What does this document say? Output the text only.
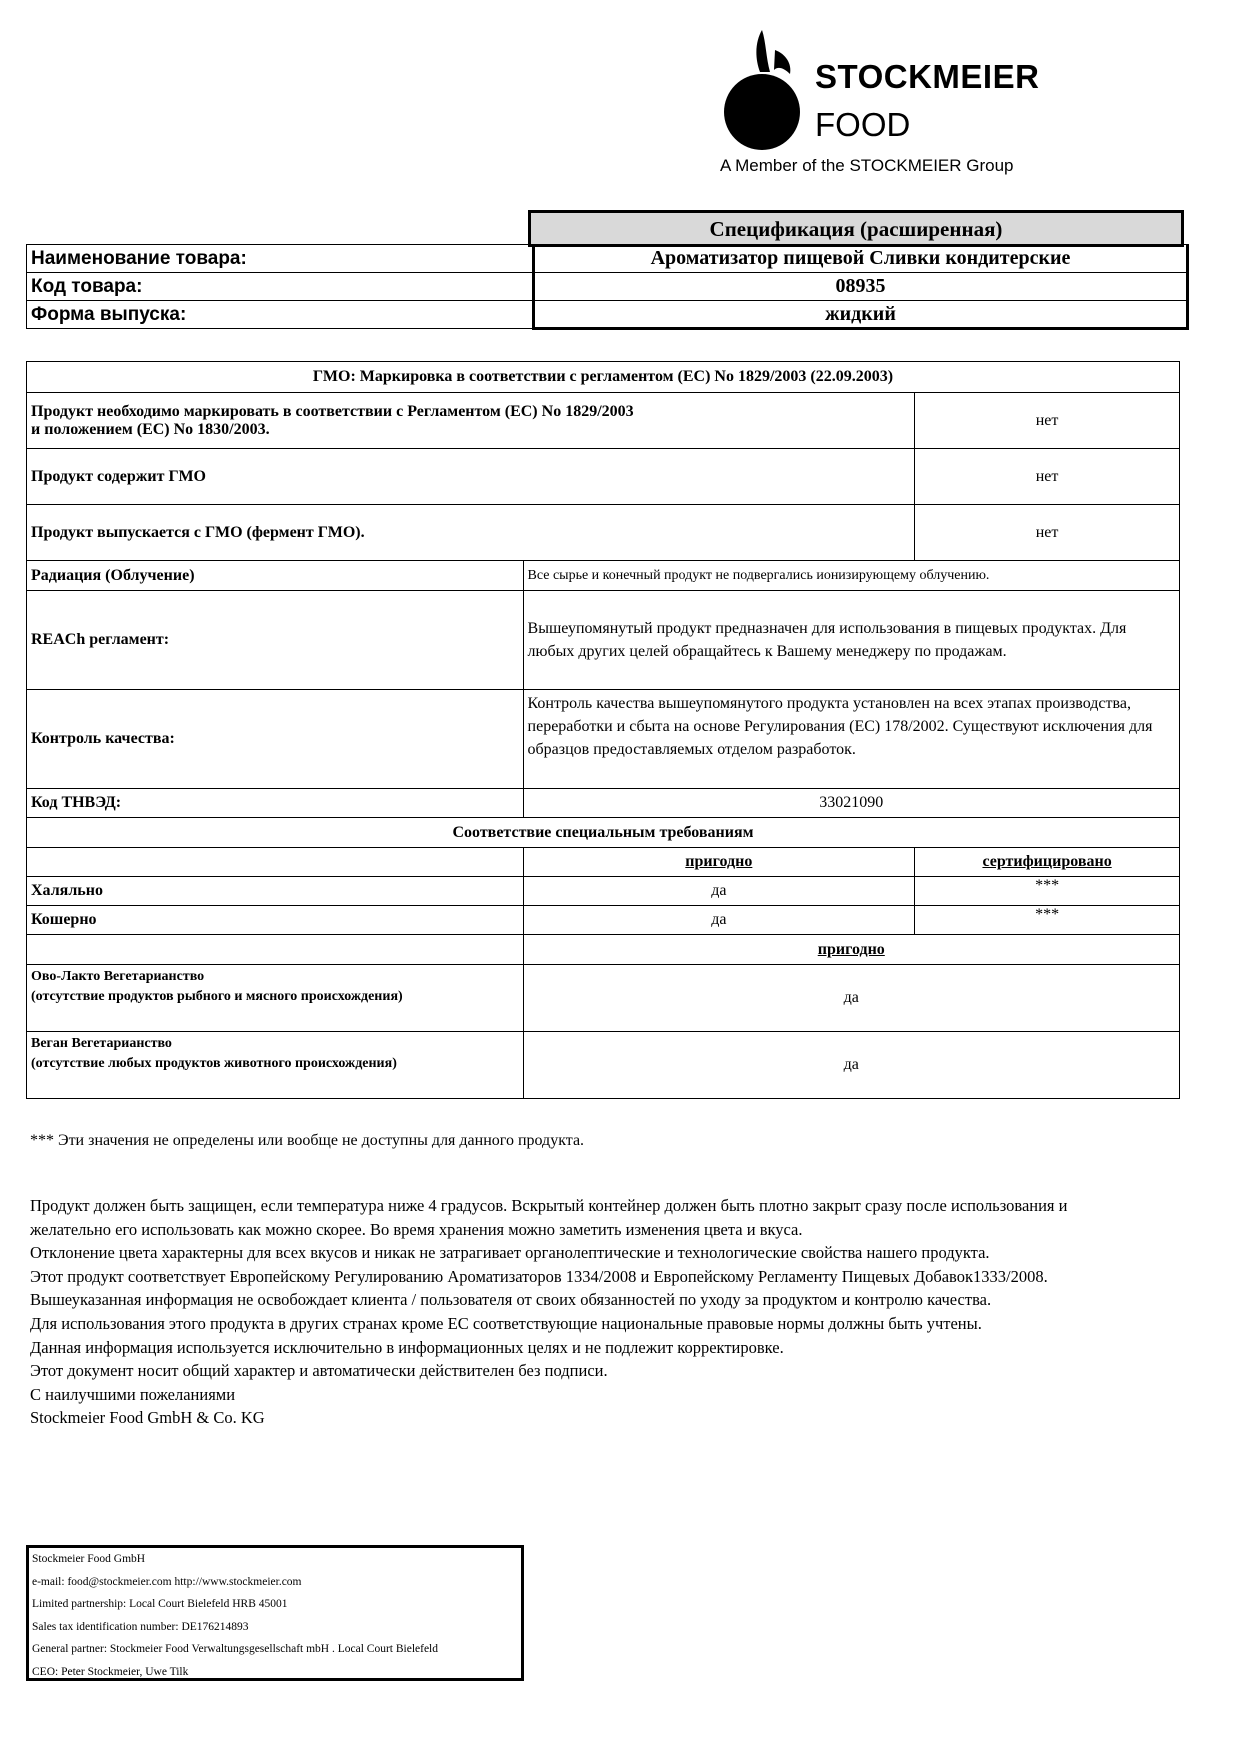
STOCKMEIER
FOOD
A Member of the STOCKMEIER Group
Спецификация (расширенная)
Наименование товара:	Ароматизатор пищевой Сливки кондитерские
Код товара:	08935
Форма выпуска:	жидкий
ГМО: Маркировка в соответствии с регламентом (ЕС) No 1829/2003 (22.09.2003)		

Продукт необходимо маркировать в соответствии с Регламентом (ЕС) No 1829/2003
и положением (ЕС) No 1830/2003.		нет
Продукт содержит ГМО		нет
Продукт выпускается с ГМО (фермент ГМО).		нет
Радиация (Облучение)	Все сырье и конечный продукт не подвергались ионизирующему облучению.	
REACh регламент:	Вышеупомянутый продукт предназначен для использования в пищевых продуктах. Для любых других целей обращайтесь к Вашему менеджеру по продажам.	
Контроль качества:	Контроль качества вышеупомянутого продукта установлен на всех этапах производства, переработки и сбыта на основе Регулирования (ЕС) 178/2002. Существуют исключения для образцов предоставляемых отделом разработок.	
Код ТНВЭД:	33021090	
Соответствие специальным требованиям		
	пригодно	сертифицировано
Халяльно	да	***
Кошерно	да	***
	пригодно	

Ово-Лакто Вегетарианство
(отсутствие продуктов рыбного и мясного происхождения)	да	

Веган Вегетарианство
(отсутствие любых продуктов животного происхождения)	да	
*** Эти значения не определены или вообще не доступны для данного продукта.
Продукт должен быть защищен, если температура ниже 4 градусов. Вскрытый контейнер должен быть плотно закрыт сразу после использования и
желательно его использовать как можно скорее. Во время хранения можно заметить изменения цвета и вкуса.
Отклонение цвета характерны для всех вкусов и никак не затрагивает органолептические и технологические свойства нашего продукта.
Этот продукт соответствует Европейскому Регулированию Ароматизаторов 1334/2008 и Европейскому Регламенту Пищевых Добавок1333/2008.
Вышеуказанная информация не освобождает клиента / пользователя от своих обязанностей по уходу за продуктом и контролю качества.
Для использования этого продукта в других странах кроме ЕС соответствующие национальные правовые нормы должны быть учтены.
Данная информация используется исключительно в информационных целях и не подлежит корректировке.
Этот документ носит общий характер и автоматически действителен без подписи.
С наилучшими пожеланиями
Stockmeier Food GmbH & Co. KG
Stockmeier Food GmbH
e-mail: food@stockmeier.com http://www.stockmeier.com
Limited partnership: Local Court Bielefeld HRB 45001
Sales tax identification number: DE176214893
General partner: Stockmeier Food Verwaltungsgesellschaft mbH . Local Court Bielefeld
CEO: Peter Stockmeier, Uwe Tilk
